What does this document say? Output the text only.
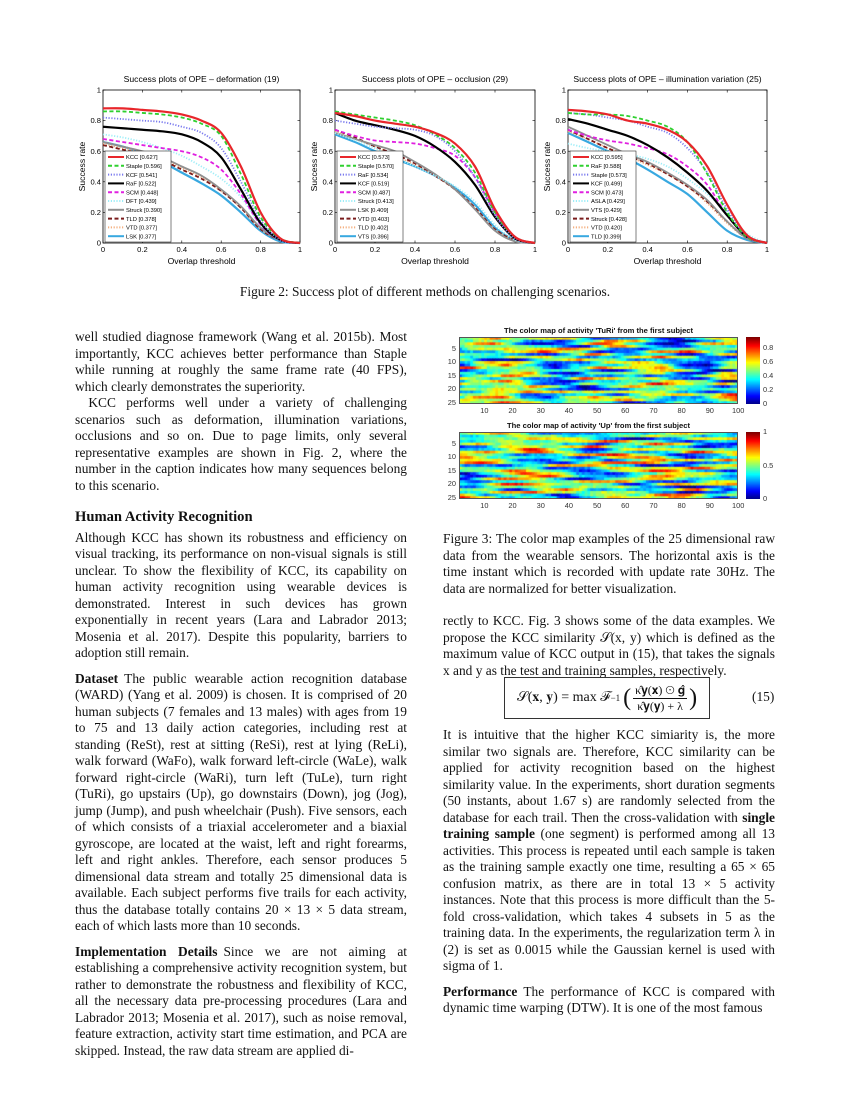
Success plots of OPE – deformation (19)
Overlap threshold
Success rate
0	0.2	0.4	0.6	0.8	1
0
0.2
0.4
0.6
0.8
1
KCC [0.627]
Staple [0.596]
KCF [0.541]
RaF [0.522]
SCM [0.448]
DFT [0.439]
Struck [0.390]
TLD [0.378]
VTD [0.377]
LSK [0.377]
Success plots of OPE – occlusion (29)
Overlap threshold
Success rate
0	0.2	0.4	0.6	0.8	1
0
0.2
0.4
0.6
0.8
1
KCC [0.573]
Staple [0.570]
RaF [0.534]
KCF [0.519]
SCM [0.487]
Struck [0.413]
LSK [0.409]
VTD [0.403]
TLD [0.402]
VTS [0.396]
Success plots of OPE – illumination variation (25)
Overlap threshold
Success rate
0	0.2	0.4	0.6	0.8	1
0
0.2
0.4
0.6
0.8
1
KCC [0.595]
RaF [0.588]
Staple [0.573]
KCF [0.499]
SCM [0.473]
ASLA [0.429]
VTS [0.429]
Struck [0.428]
VTD [0.420]
TLD [0.399]
Figure 2: Success plot of different methods on challenging scenarios.

well studied diagnose framework (Wang et al. 2015b). Most importantly, KCC achieves better performance than Staple while running at roughly the same frame rate (40 FPS), which clearly demonstrates the superiority.

KCC performs well under a variety of challenging scenarios such as deformation, illumination variations, occlusions and so on. Due to page limits, only several representative examples are shown in Fig. 2, where the number in the caption indicates how many sequences belong to this scenario.

Human Activity Recognition

Although KCC has shown its robustness and efficiency on visual tracking, its performance on non-visual signals is still unclear. To show the flexibility of KCC, its capability on human activity recognition using wearable devices is demonstrated. Interest in such devices has grown exponentially in recent years (Lara and Labrador 2013; Mosenia et al. 2017). Despite this popularity, barriers to adoption still remain.

Dataset The public wearable action recognition database (WARD) (Yang et al. 2009) is chosen. It is comprised of 20 human subjects (7 females and 13 males) with ages from 19 to 75 and 13 daily action categories, including rest at standing (ReSt), rest at sitting (ReSi), rest at lying (ReLi), walk forward (WaFo), walk forward left-circle (WaLe), walk forward right-circle (WaRi), turn left (TuLe), turn right (TuRi), go upstairs (Up), go downstairs (Down), jog (Jog), jump (Jump), and push wheelchair (Push). Five sensors, each of which consists of a triaxial accelerometer and a biaxial gyroscope, are located at the waist, left and right forearms, left and right ankles. Therefore, each sensor produces 5 dimensional data stream and totally 25 dimensional data is available. Each subject performs five trails for each activity, thus the database totally contains 20 × 13 × 5 data stream, each of which lasts more than 10 seconds.

Implementation Details Since we are not aiming at establishing a comprehensive activity recognition system, but rather to demonstrate the robustness and flexibility of KCC, all the necessary data pre-processing procedures (Lara and Labrador 2013; Mosenia et al. 2017), such as noise removal, feature extraction, activity start time estimation, and PCA are skipped. Instead, the raw data stream are applied di-

The color map of activity 'TuRi' from the first subject
10	20	30	40	50	60	70	80	90 100
5
10
15
20
25	0
0.2
0.4
0.6
0.8
The color map of activity 'Up' from the first subject
10	20	30	40	50	60	70	80	90 100
5
10
15
20
25	0
0.5
1
Figure 3: The color map examples of the 25 dimensional raw data from the wearable sensors. The horizontal axis is the time instant which is recorded with update rate 30Hz. The data are normalized for better visualization.
rectly to KCC. Fig. 3 shows some of the data examples. We propose the KCC similarity 𝒮(x, y) which is defined as the maximum value of KCC output in (15), that takes the signals x and y as the test and training samples, respectively.
𝒮(𝐱, 𝐲) = max ℱ −1 ( $\frac{\text{κ̂𝐲(𝐱) ⊙ 𝐠̂}}{\text{κ̂𝐲(𝐲) + λ}}$ )	(15)

It is intuitive that the higher KCC simiarity is, the more similar two signals are. Therefore, KCC similarity can be applied for activity recognition based on the highest similarity value. In the experiments, short duration segments (50 instants, about 1.67 s) are randomly selected from the database for each trail. Then the cross-validation with single training sample (one segment) is performed among all 13 activities. This process is repeated until each sample is taken as the training sample exactly one time, resulting a 65 × 65 confusion matrix, as there are in total 13 × 5 activity instances. Note that this process is more difficult than the 5-fold cross-validation, which takes 4 subsets in 5 as the training data. In the experiments, the regularization term λ in (2) is set as 0.0015 while the Gaussian kernel is used with sigma of 1.

Performance The performance of KCC is compared with dynamic time warping (DTW). It is one of the most famous
